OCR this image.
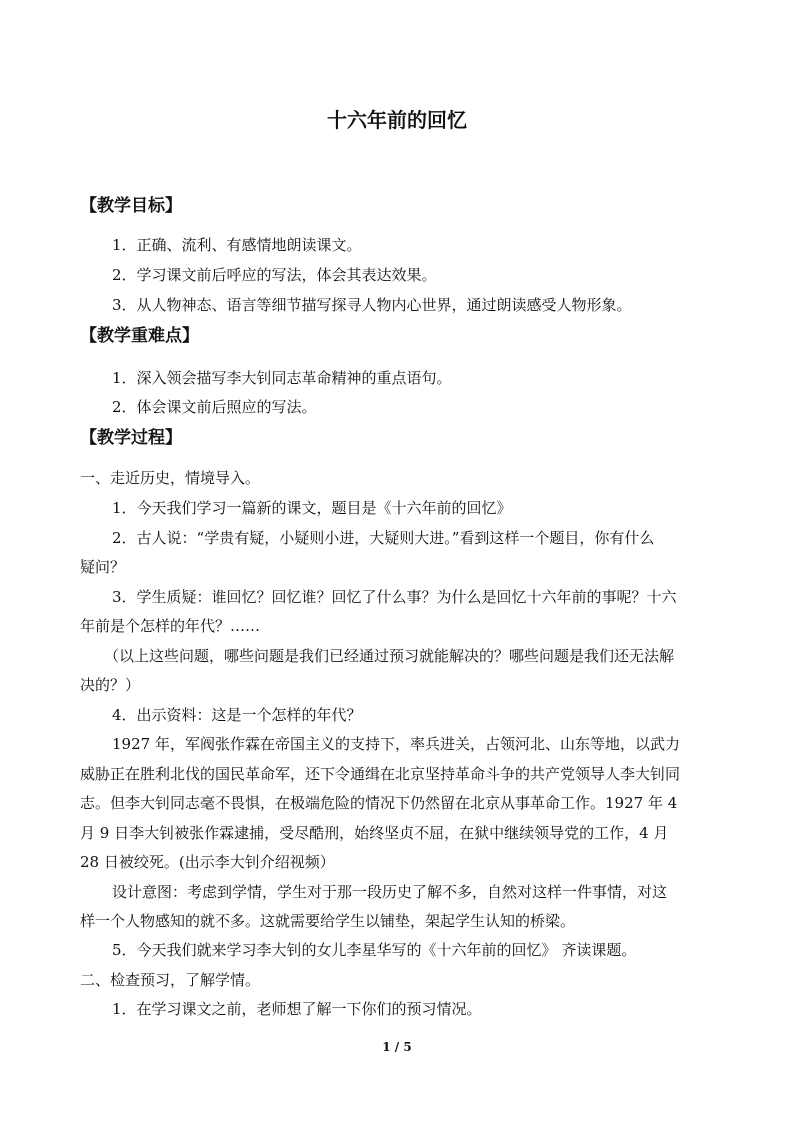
十六年前的回忆
【教学目标】
1．正确、流利、有感情地朗读课文。
2．学习课文前后呼应的写法，体会其表达效果。
3．从人物神态、语言等细节描写探寻人物内心世界，通过朗读感受人物形象。
【教学重难点】
1．深入领会描写李大钊同志革命精神的重点语句。
2．体会课文前后照应的写法。
【教学过程】
一、走近历史，情境导入。
1．今天我们学习一篇新的课文，题目是《十六年前的回忆》
2．古人说：“学贵有疑，小疑则小进，大疑则大进。”看到这样一个题目，你有什么
疑问？
3．学生质疑：谁回忆？回忆谁？回忆了什么事？为什么是回忆十六年前的事呢？十六
年前是个怎样的年代？……
（以上这些问题，哪些问题是我们已经通过预习就能解决的？哪些问题是我们还无法解
决的？）
4．出示资料：这是一个怎样的年代？
1927 年，军阀张作霖在帝国主义的支持下，率兵进关，占领河北、山东等地，以武力
威胁正在胜利北伐的国民革命军，还下令通缉在北京坚持革命斗争的共产党领导人李大钊同
志。但李大钊同志毫不畏惧，在极端危险的情况下仍然留在北京从事革命工作。1927 年 4
月 9 日李大钊被张作霖逮捕，受尽酷刑，始终坚贞不屈，在狱中继续领导党的工作，4 月
28 日被绞死。(出示李大钊介绍视频）
设计意图：考虑到学情，学生对于那一段历史了解不多，自然对这样一件事情，对这
样一个人物感知的就不多。这就需要给学生以铺垫，架起学生认知的桥梁。
5．今天我们就来学习李大钊的女儿李星华写的《十六年前的回忆》 齐读课题。
二、检查预习，了解学情。
1．在学习课文之前，老师想了解一下你们的预习情况。
1 / 5
